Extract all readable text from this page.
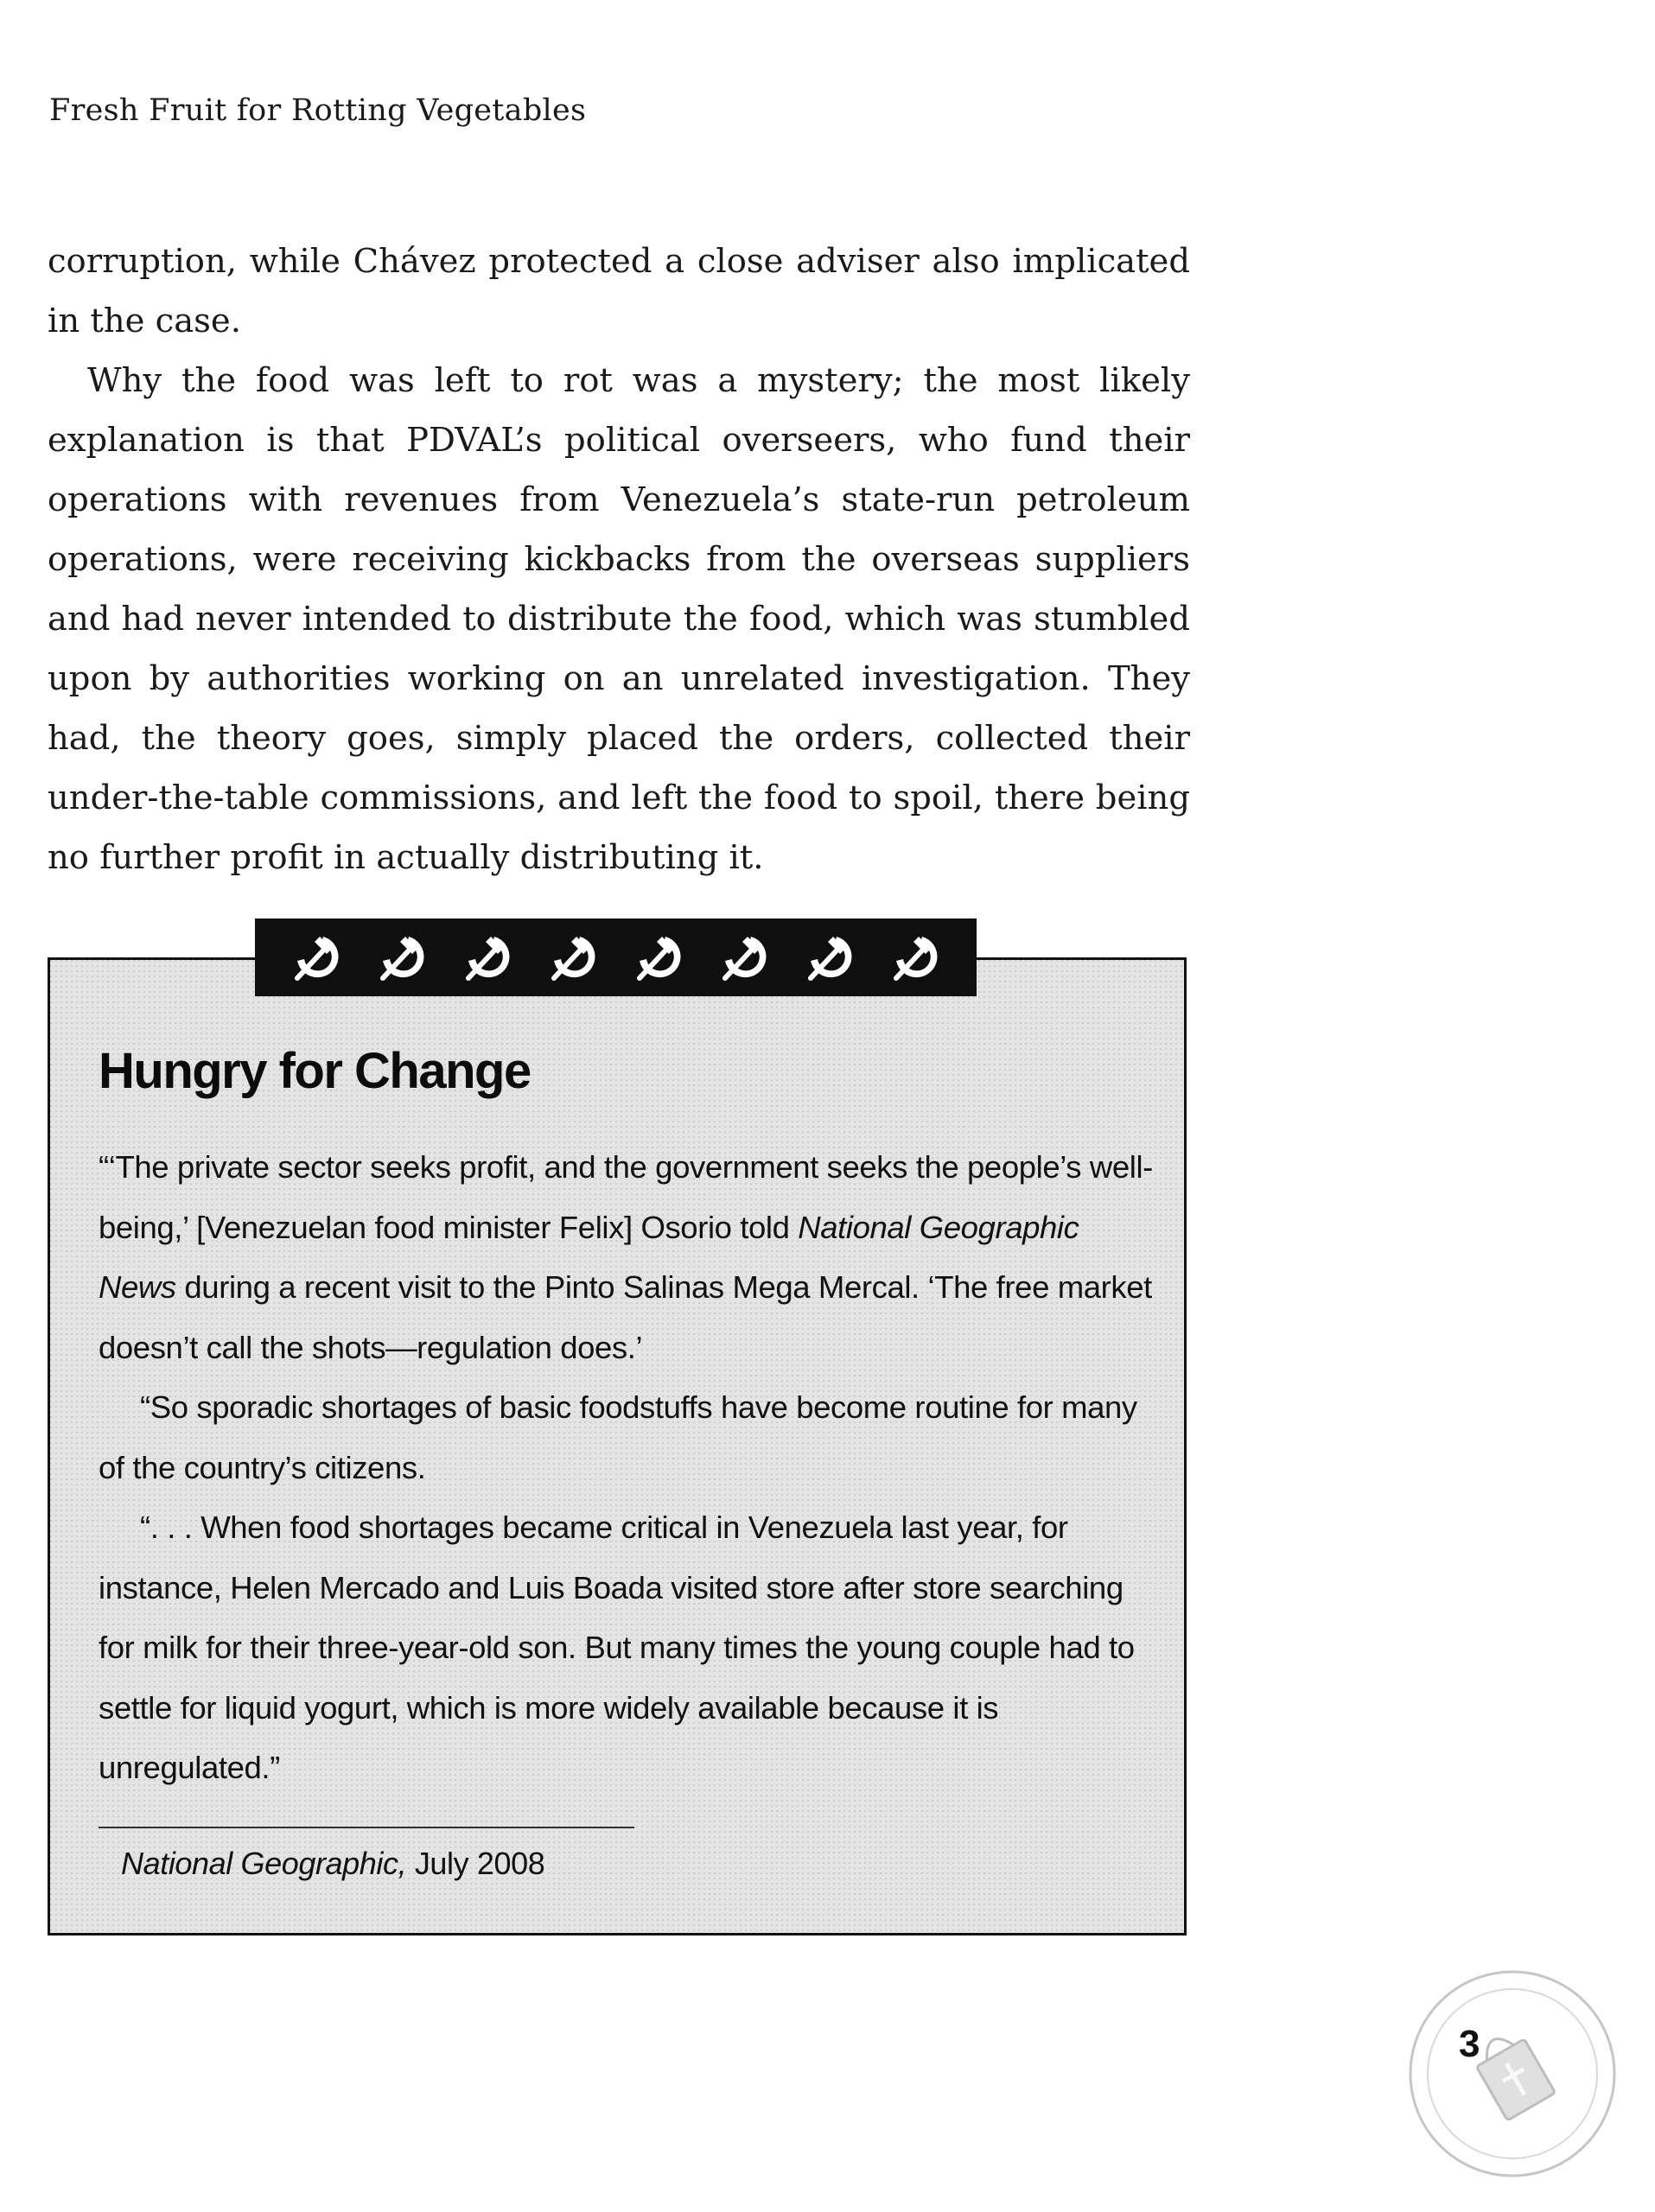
Fresh Fruit for Rotting Vegetables

corruption, while Chávez protected a close adviser also implicated in the case.

Why the food was left to rot was a mystery; the most likely explanation is that PDVAL’s political overseers, who fund their operations with revenues from Venezuela’s state-run petroleum operations, were receiving kickbacks from the overseas suppliers and had never intended to distribute the food, which was stumbled upon by authorities working on an unrelated investigation. They had, the theory goes, simply placed the orders, collected their under-the-table commissions, and left the food to spoil, there being no further profit in actually distributing it.

Hungry for Change

“‘The private sector seeks profit, and the government seeks the people’s well-being,’ [Venezuelan food minister Felix] Osorio told National Geographic News during a recent visit to the Pinto Salinas Mega Mercal. ‘The free market doesn’t call the shots—regulation does.’

“So sporadic shortages of basic foodstuffs have become routine for many of the country’s citizens.

“. . . When food shortages became critical in Venezuela last year, for instance, Helen Mercado and Luis Boada visited store after store searching for milk for their three-year-old son. But many times the young couple had to settle for liquid yogurt, which is more widely available because it is unregulated.”

National Geographic, July 2008
3
